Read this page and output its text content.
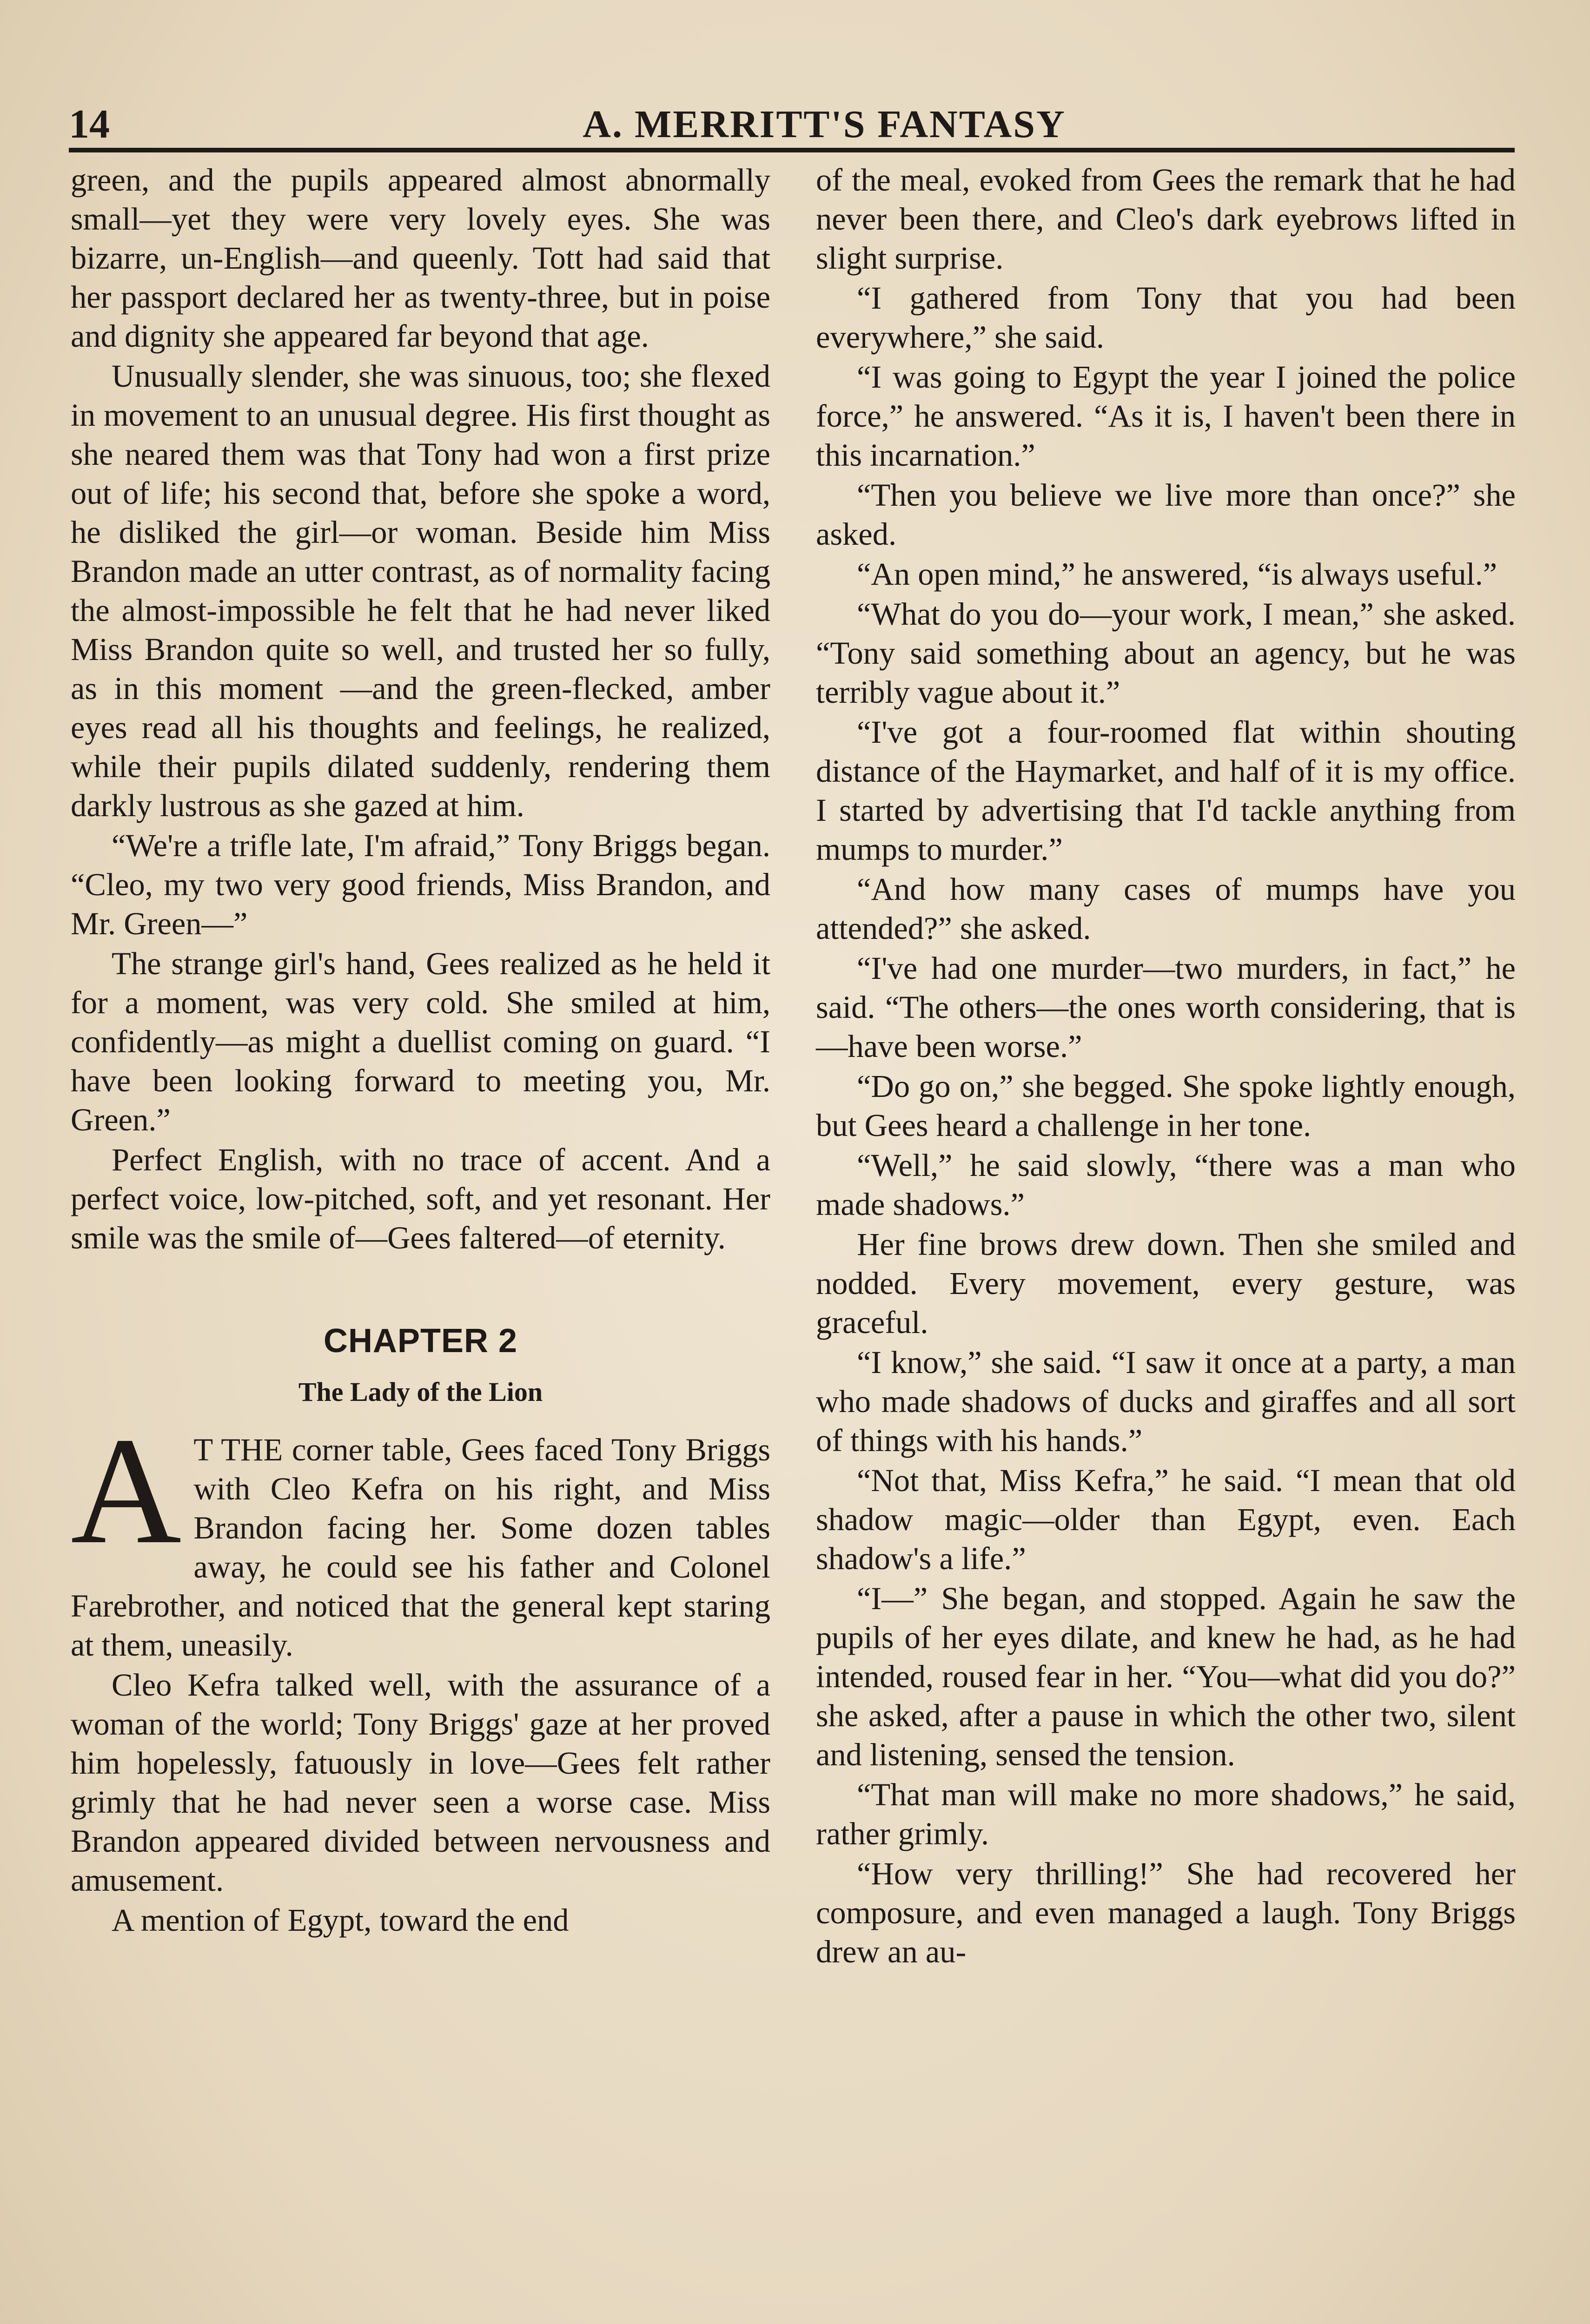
14	A. MERRITT'S FANTASY

green, and the pupils appeared almost abnormally small—yet they were very lovely eyes. She was bizarre, un-English—and queenly. Tott had said that her passport declared her as twenty-three, but in poise and dignity she appeared far beyond that age.

Unusually slender, she was sinuous, too; she flexed in movement to an unusual degree. His first thought as she neared them was that Tony had won a first prize out of life; his second that, before she spoke a word, he disliked the girl—or woman. Beside him Miss Brandon made an utter contrast, as of normality facing the almost-impossible he felt that he had never liked Miss Brandon quite so well, and trusted her so fully, as in this moment —and the green-flecked, amber eyes read all his thoughts and feelings, he realized, while their pupils dilated suddenly, rendering them darkly lustrous as she gazed at him.

“We're a trifle late, I'm afraid,” Tony Briggs began. “Cleo, my two very good friends, Miss Brandon, and Mr. Green—”

The strange girl's hand, Gees realized as he held it for a moment, was very cold. She smiled at him, confidently—as might a duellist coming on guard. “I have been looking forward to meeting you, Mr. Green.”

Perfect English, with no trace of accent. And a perfect voice, low-pitched, soft, and yet resonant. Her smile was the smile of—Gees faltered—of eternity.

CHAPTER 2
The Lady of the Lion

A T THE corner table, Gees faced Tony Briggs with Cleo Kefra on his right, and Miss Brandon facing her. Some dozen tables away, he could see his father and Colonel Farebrother, and noticed that the general kept staring at them, uneasily.

Cleo Kefra talked well, with the assurance of a woman of the world; Tony Briggs' gaze at her proved him hopelessly, fatuously in love—Gees felt rather grimly that he had never seen a worse case. Miss Brandon appeared divided between nervousness and amusement.

A mention of Egypt, toward the end

of the meal, evoked from Gees the remark that he had never been there, and Cleo's dark eyebrows lifted in slight surprise.

“I gathered from Tony that you had been everywhere,” she said.

“I was going to Egypt the year I joined the police force,” he answered. “As it is, I haven't been there in this incarnation.”

“Then you believe we live more than once?” she asked.

“An open mind,” he answered, “is always useful.”

“What do you do—your work, I mean,” she asked. “Tony said something about an agency, but he was terribly vague about it.”

“I've got a four-roomed flat within shouting distance of the Haymarket, and half of it is my office. I started by advertising that I'd tackle anything from mumps to murder.”

“And how many cases of mumps have you attended?” she asked.

“I've had one murder—two murders, in fact,” he said. “The others—the ones worth considering, that is—have been worse.”

“Do go on,” she begged. She spoke lightly enough, but Gees heard a challenge in her tone.

“Well,” he said slowly, “there was a man who made shadows.”

Her fine brows drew down. Then she smiled and nodded. Every movement, every gesture, was graceful.

“I know,” she said. “I saw it once at a party, a man who made shadows of ducks and giraffes and all sort of things with his hands.”

“Not that, Miss Kefra,” he said. “I mean that old shadow magic—older than Egypt, even. Each shadow's a life.”

“I—” She began, and stopped. Again he saw the pupils of her eyes dilate, and knew he had, as he had intended, roused fear in her. “You—what did you do?” she asked, after a pause in which the other two, silent and listening, sensed the tension.

“That man will make no more shadows,” he said, rather grimly.

“How very thrilling!” She had recovered her composure, and even managed a laugh. Tony Briggs drew an au-
